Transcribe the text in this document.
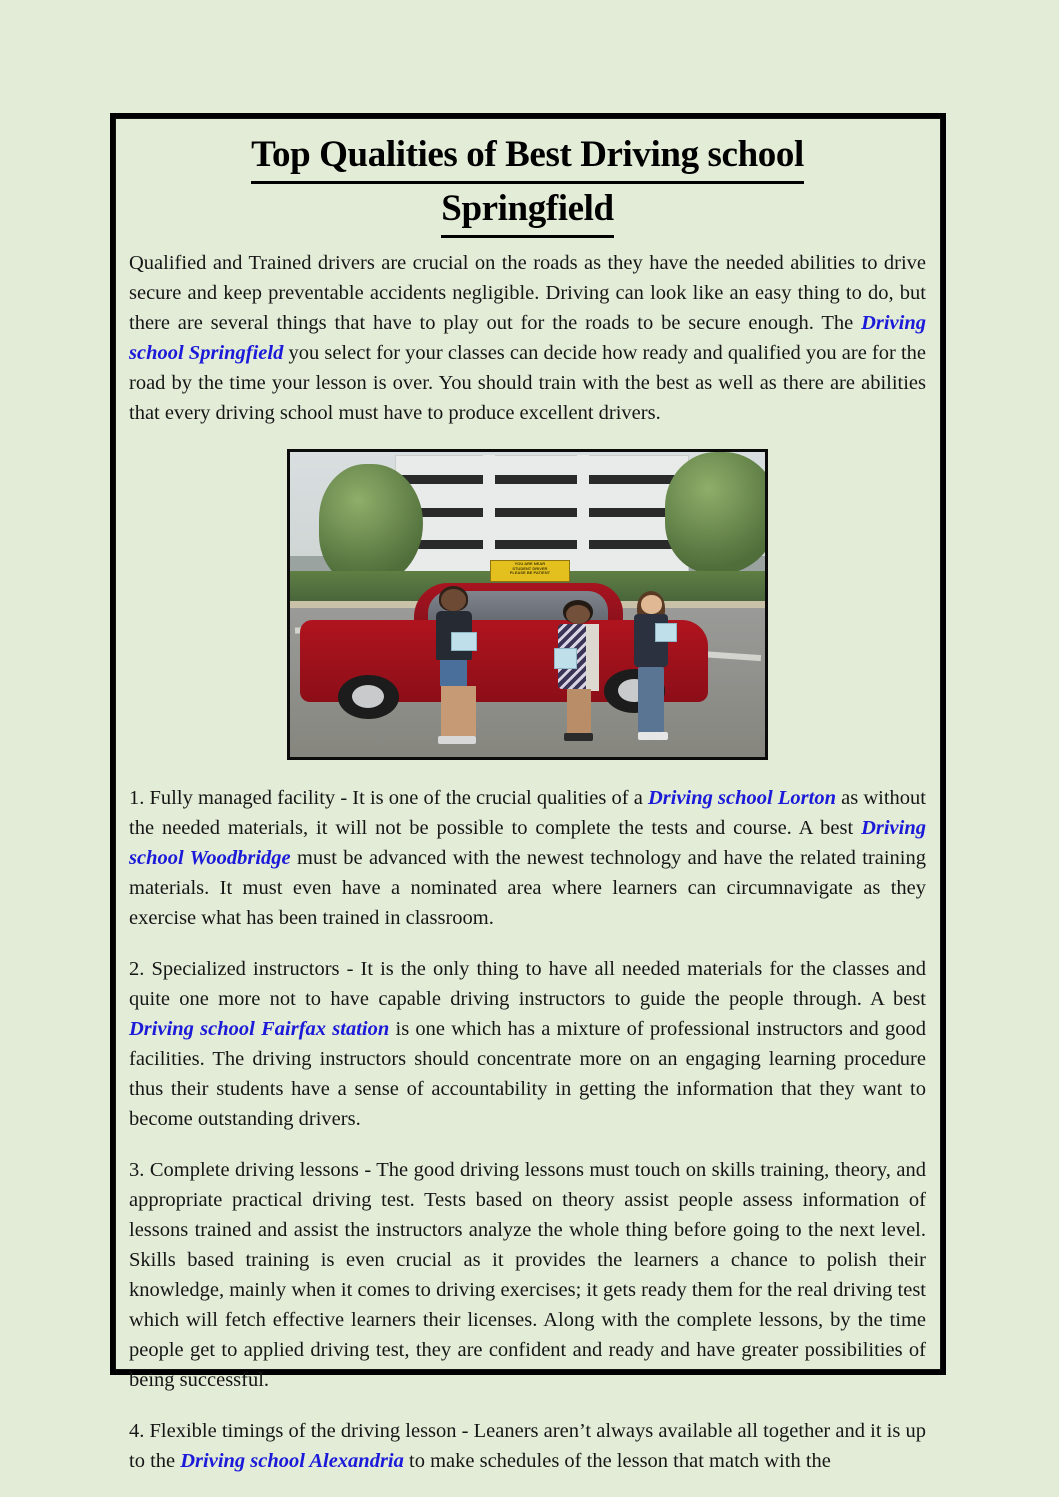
Top Qualities of Best Driving school
Springfield

Qualified and Trained drivers are crucial on the roads as they have the needed abilities to drive secure and keep preventable accidents negligible. Driving can look like an easy thing to do, but there are several things that have to play out for the roads to be secure enough. The Driving school Springfield you select for your classes can decide how ready and qualified you are for the road by the time your lesson is over. You should train with the best as well as there are abilities that every driving school must have to produce excellent drivers.

YOU ARE NEAR
STUDENT DRIVER
PLEASE BE PATIENT

1. Fully managed facility - It is one of the crucial qualities of a Driving school Lorton as without the needed materials, it will not be possible to complete the tests and course. A best Driving school Woodbridge must be advanced with the newest technology and have the related training materials. It must even have a nominated area where learners can circumnavigate as they exercise what has been trained in classroom.

2. Specialized instructors - It is the only thing to have all needed materials for the classes and quite one more not to have capable driving instructors to guide the people through. A best Driving school Fairfax station is one which has a mixture of professional instructors and good facilities. The driving instructors should concentrate more on an engaging learning procedure thus their students have a sense of accountability in getting the information that they want to become outstanding drivers.

3. Complete driving lessons - The good driving lessons must touch on skills training, theory, and appropriate practical driving test. Tests based on theory assist people assess information of lessons trained and assist the instructors analyze the whole thing before going to the next level. Skills based training is even crucial as it provides the learners a chance to polish their knowledge, mainly when it comes to driving exercises; it gets ready them for the real driving test which will fetch effective learners their licenses. Along with the complete lessons, by the time people get to applied driving test, they are confident and ready and have greater possibilities of being successful.

4. Flexible timings of the driving lesson - Leaners aren’t always available all together and it is up to the Driving school Alexandria to make schedules of the lesson that match with the
